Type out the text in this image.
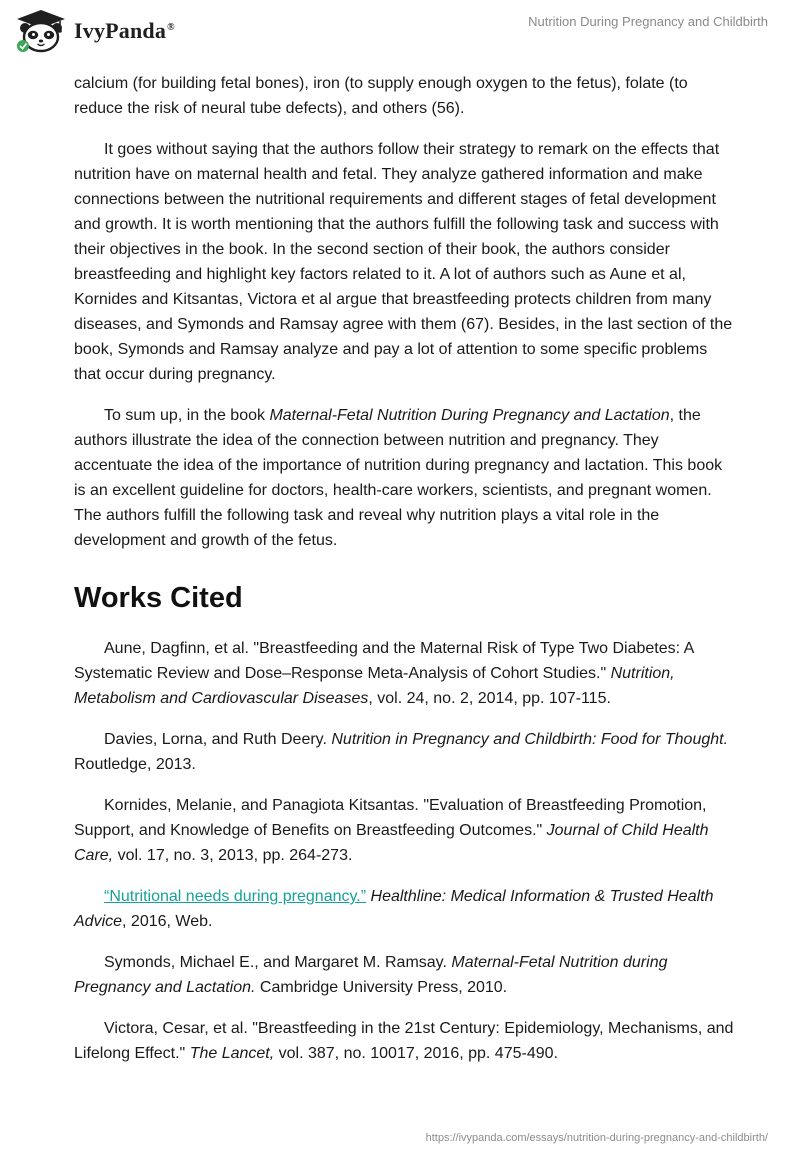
IvyPanda®	Nutrition During Pregnancy and Childbirth

calcium (for building fetal bones), iron (to supply enough oxygen to the fetus), folate (to reduce the risk of neural tube defects), and others (56).

It goes without saying that the authors follow their strategy to remark on the effects that nutrition have on maternal health and fetal. They analyze gathered information and make connections between the nutritional requirements and different stages of fetal development and growth. It is worth mentioning that the authors fulfill the following task and success with their objectives in the book. In the second section of their book, the authors consider breastfeeding and highlight key factors related to it. A lot of authors such as Aune et al, Kornides and Kitsantas, Victora et al argue that breastfeeding protects children from many diseases, and Symonds and Ramsay agree with them (67). Besides, in the last section of the book, Symonds and Ramsay analyze and pay a lot of attention to some specific problems that occur during pregnancy.

To sum up, in the book Maternal-Fetal Nutrition During Pregnancy and Lactation, the authors illustrate the idea of the connection between nutrition and pregnancy. They accentuate the idea of the importance of nutrition during pregnancy and lactation. This book is an excellent guideline for doctors, health-care workers, scientists, and pregnant women. The authors fulfill the following task and reveal why nutrition plays a vital role in the development and growth of the fetus.

Works Cited

Aune, Dagfinn, et al. "Breastfeeding and the Maternal Risk of Type Two Diabetes: A Systematic Review and Dose–Response Meta-Analysis of Cohort Studies." Nutrition, Metabolism and Cardiovascular Diseases, vol. 24, no. 2, 2014, pp. 107-115.

Davies, Lorna, and Ruth Deery. Nutrition in Pregnancy and Childbirth: Food for Thought. Routledge, 2013.

Kornides, Melanie, and Panagiota Kitsantas. "Evaluation of Breastfeeding Promotion, Support, and Knowledge of Benefits on Breastfeeding Outcomes." Journal of Child Health Care, vol. 17, no. 3, 2013, pp. 264-273.

“Nutritional needs during pregnancy.” Healthline: Medical Information & Trusted Health Advice, 2016, Web.

Symonds, Michael E., and Margaret M. Ramsay. Maternal-Fetal Nutrition during Pregnancy and Lactation. Cambridge University Press, 2010.

Victora, Cesar, et al. "Breastfeeding in the 21st Century: Epidemiology, Mechanisms, and Lifelong Effect." The Lancet, vol. 387, no. 10017, 2016, pp. 475-490.

https://ivypanda.com/essays/nutrition-during-pregnancy-and-childbirth/
